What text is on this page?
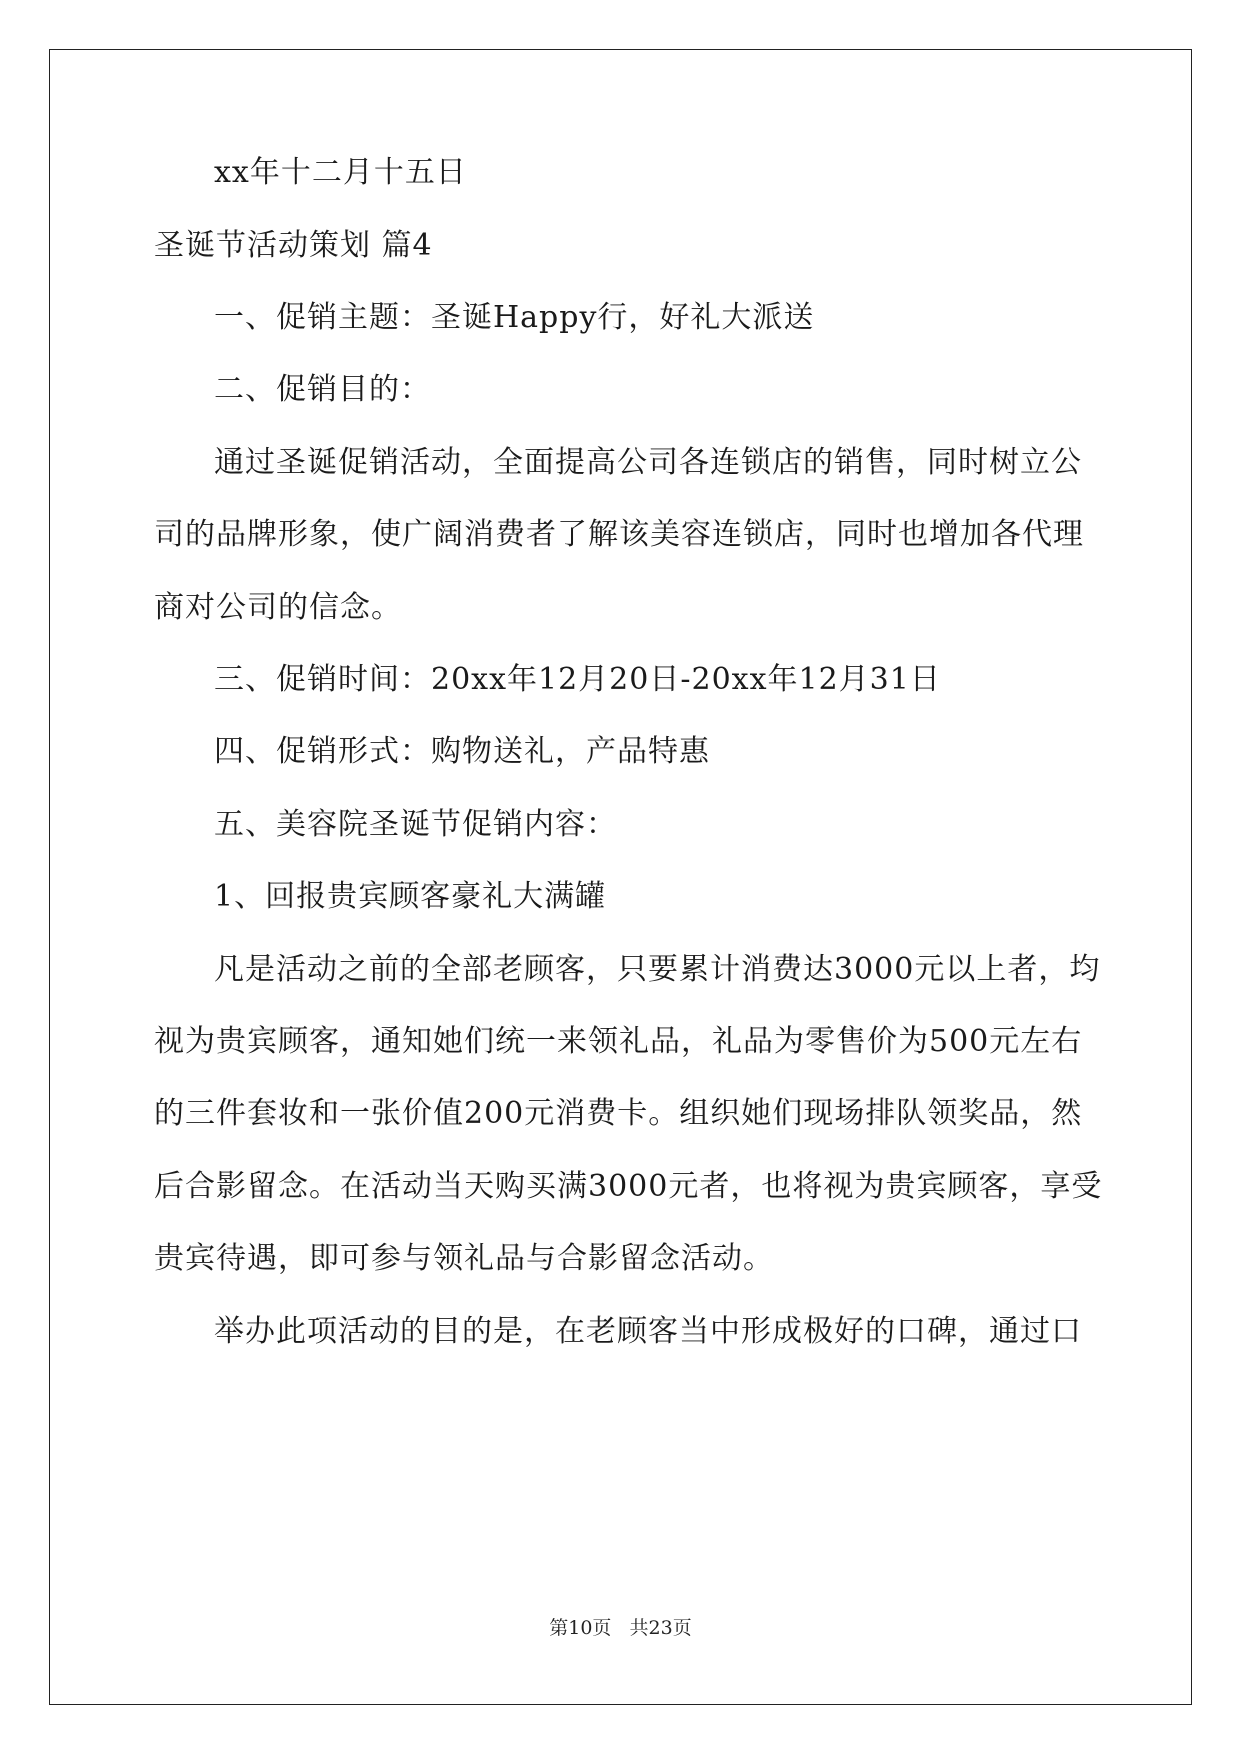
xx年十二月十五日
圣诞节活动策划 篇4
一、促销主题：圣诞Happy行，好礼大派送
二、促销目的：
通过圣诞促销活动，全面提高公司各连锁店的销售，同时树立公
司的品牌形象，使广阔消费者了解该美容连锁店，同时也增加各代理
商对公司的信念。
三、促销时间：20xx年12月20日-20xx年12月31日
四、促销形式：购物送礼，产品特惠
五、美容院圣诞节促销内容：
1、回报贵宾顾客豪礼大满罐
凡是活动之前的全部老顾客，只要累计消费达3000元以上者，均
视为贵宾顾客，通知她们统一来领礼品，礼品为零售价为500元左右
的三件套妆和一张价值200元消费卡。组织她们现场排队领奖品，然
后合影留念。在活动当天购买满3000元者，也将视为贵宾顾客，享受
贵宾待遇，即可参与领礼品与合影留念活动。
举办此项活动的目的是，在老顾客当中形成极好的口碑，通过口
第10页   共23页
